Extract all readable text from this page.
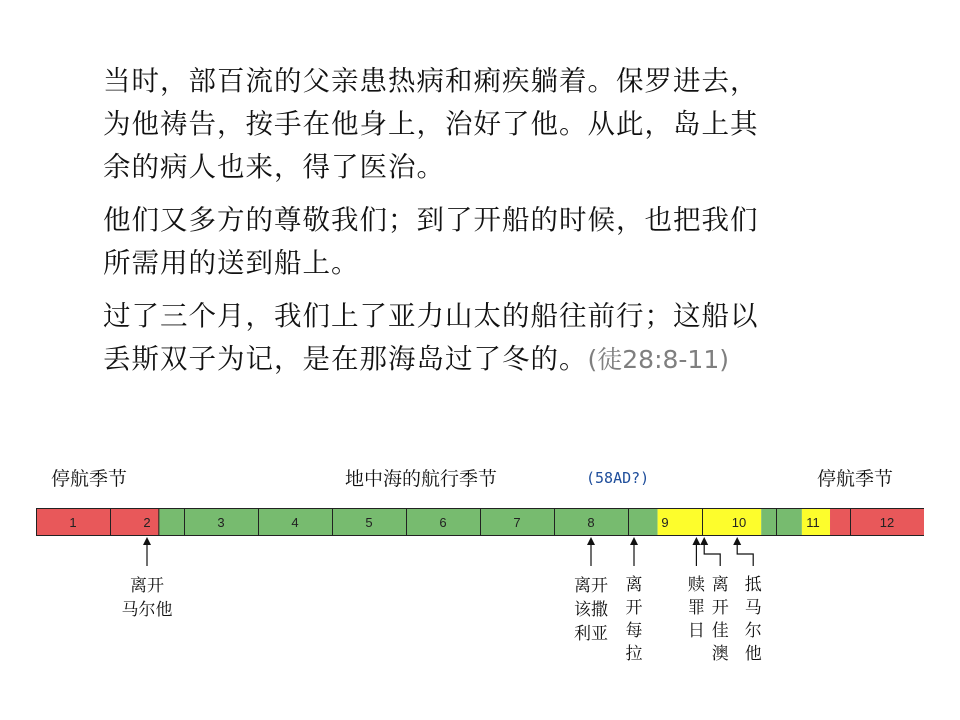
当时，部百流的父亲患热病和痢疾躺着。保罗进去，
为他祷告，按手在他身上，治好了他。从此，岛上其
余的病人也来，得了医治。
他们又多方的尊敬我们；到了开船的时候，也把我们
所需用的送到船上。
过了三个月，我们上了亚力山太的船往前行；这船以
丢斯双子为记，是在那海岛过了冬的。(徒28:8-11)
停航季节	地中海的航行季节	(58AD?)	停航季节
1	2	3	4	5	6	7	8	9	10	11	12
离开
马尔他
离开
该撒
利亚
离
开
每
拉
赎
罪
日
离
开
佳
澳
抵
马
尔
他
